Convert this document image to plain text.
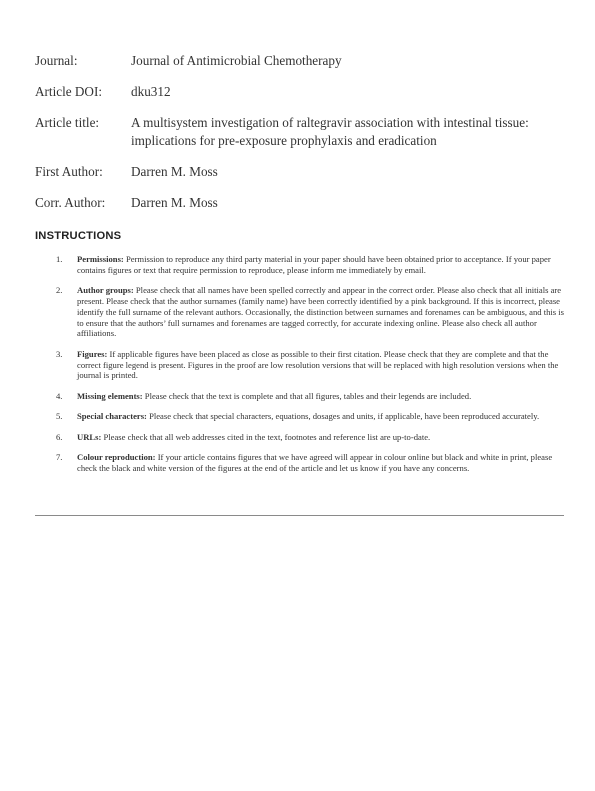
Journal:	Journal of Antimicrobial Chemotherapy
Article DOI:	dku312
Article title:	A multisystem investigation of raltegravir association with intestinal tissue: implications for pre-exposure prophylaxis and eradication
First Author:	Darren M. Moss
Corr. Author:	Darren M. Moss
INSTRUCTIONS
1.	Permissions: Permission to reproduce any third party material in your paper should have been obtained prior to acceptance. If your paper contains figures or text that require permission to reproduce, please inform me immediately by email.
2.	Author groups: Please check that all names have been spelled correctly and appear in the correct order. Please also check that all initials are present. Please check that the author surnames (family name) have been correctly identified by a pink background. If this is incorrect, please identify the full surname of the relevant authors. Occasionally, the distinction between surnames and forenames can be ambiguous, and this is to ensure that the authors’ full surnames and forenames are tagged correctly, for accurate indexing online. Please also check all author affiliations.
3.	Figures: If applicable figures have been placed as close as possible to their first citation. Please check that they are complete and that the correct figure legend is present. Figures in the proof are low resolution versions that will be replaced with high resolution versions when the journal is printed.
4.	Missing elements: Please check that the text is complete and that all figures, tables and their legends are included.
5.	Special characters: Please check that special characters, equations, dosages and units, if applicable, have been reproduced accurately.
6.	URLs: Please check that all web addresses cited in the text, footnotes and reference list are up-to-date.
7.	Colour reproduction: If your article contains figures that we have agreed will appear in colour online but black and white in print, please check the black and white version of the figures at the end of the article and let us know if you have any concerns.
